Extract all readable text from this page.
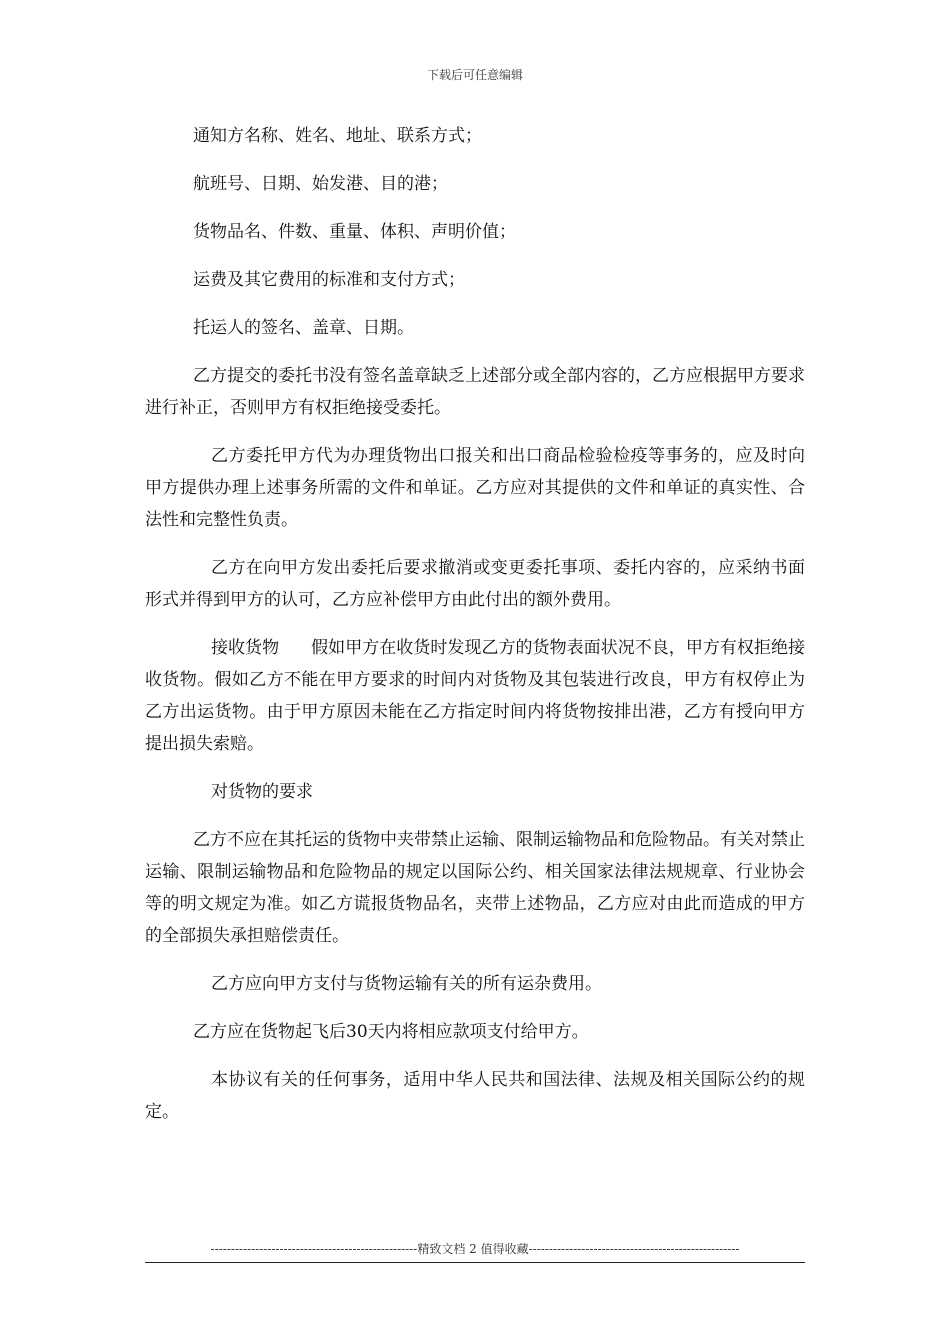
下载后可任意编辑

通知方名称、姓名、地址、联系方式；

航班号、日期、始发港、目的港；

货物品名、件数、重量、体积、声明价值；

运费及其它费用的标准和支付方式；

托运人的签名、盖章、日期。

乙方提交的委托书没有签名盖章缺乏上述部分或全部内容的，乙方应根据甲方要求进行补正，否则甲方有权拒绝接受委托。

乙方委托甲方代为办理货物出口报关和出口商品检验检疫等事务的，应及时向甲方提供办理上述事务所需的文件和单证。乙方应对其提供的文件和单证的真实性、合法性和完整性负责。

乙方在向甲方发出委托后要求撤消或变更委托事项、委托内容的，应采纳书面形式并得到甲方的认可，乙方应补偿甲方由此付出的额外费用。

接收货物 假如甲方在收货时发现乙方的货物表面状况不良，甲方有权拒绝接收货物。假如乙方不能在甲方要求的时间内对货物及其包装进行改良，甲方有权停止为乙方出运货物。由于甲方原因未能在乙方指定时间内将货物按排出港，乙方有授向甲方提出损失索赔。

对货物的要求

乙方不应在其托运的货物中夹带禁止运输、限制运输物品和危险物品。有关对禁止运输、限制运输物品和危险物品的规定以国际公约、相关国家法律法规规章、行业协会等的明文规定为准。如乙方谎报货物品名，夹带上述物品，乙方应对由此而造成的甲方的全部损失承担赔偿责任。

乙方应向甲方支付与货物运输有关的所有运杂费用。

乙方应在货物起飞后30天内将相应款项支付给甲方。

本协议有关的任何事务，适用中华人民共和国法律、法规及相关国际公约的规定。

---------------------------------------------------精致文档 2 值得收藏----------------------------------------------------
